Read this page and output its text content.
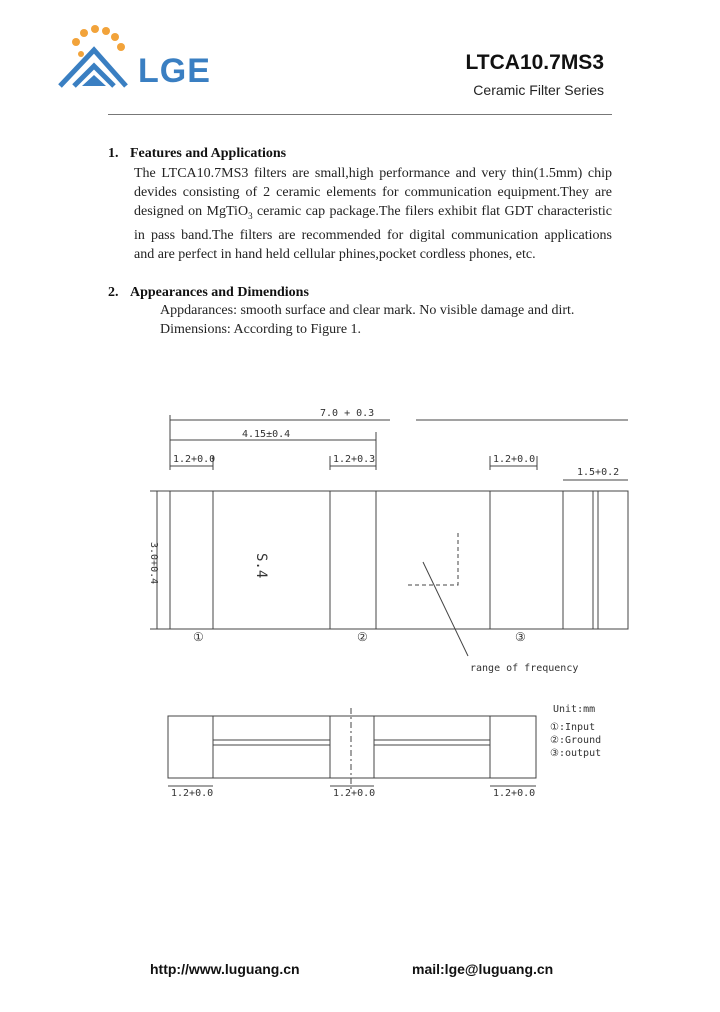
LGE	LTCA10.7MS3
Ceramic Filter Series
1. Features and Applications
The LTCA10.7MS3 filters are small,high performance and very thin(1.5mm) chip devides consisting of 2 ceramic elements for communication equipment.They are designed on MgTiO$_3$ ceramic cap package.The filers exhibit flat GDT characteristic in pass band.The filters are recommended for digital communication applications and are perfect in hand held cellular phines,pocket cordless phones, etc.
2. Appearances and Dimendions
Appdarances: smooth surface and clear mark. No visible damage and dirt.
Dimensions: According to Figure 1.
7.0 + 0.3
4.15±0.4
1.2+0.0	1.2+0.3	1.2+0.0
1.5+0.2
3.0+0.4	S.4
①	②	③
range of frequency
1.2+0.0	1.2+0.0	1.2+0.0
Unit:mm
①:Input
②:Ground
③:output
http://www.luguang.cn	mail:lge@luguang.cn
